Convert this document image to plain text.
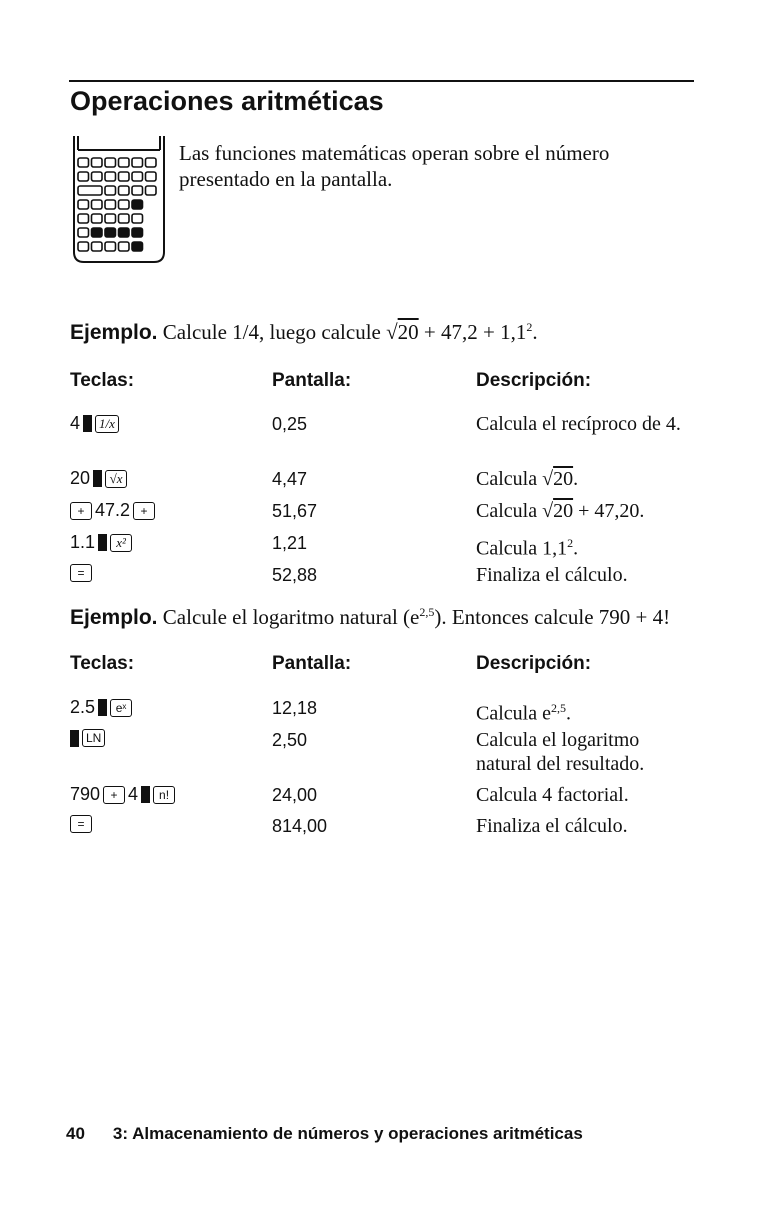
Operaciones aritméticas

Las funciones matemáticas operan sobre el número presentado en la pantalla.

Ejemplo. Calcule 1/4, luego calcule $√20 + 47,2 + 1,1^2$.
Teclas:	Pantalla:	Descripción:
4	1/x	0,25	Calcula el recíproco de 4.
20	√x	4,47	Calcula √20.
+ 47.2 +	51,67	Calcula √20 + 47,20.
1.1	x²	1,21	Calcula $1,1^2$.
=	52,88	Finaliza el cálculo.
Ejemplo. Calcule el logaritmo natural $(e^{2,5})$. Entonces calcule 790 + 4!
Teclas:	Pantalla:	Descripción:
2.5	eˣ	12,18	Calcula $e^{2,5}$.
LN	2,50	Calcula el logaritmo natural del resultado.
790 + 4	n!	24,00	Calcula 4 factorial.
=	814,00	Finaliza el cálculo.
40 3: Almacenamiento de números y operaciones aritméticas
